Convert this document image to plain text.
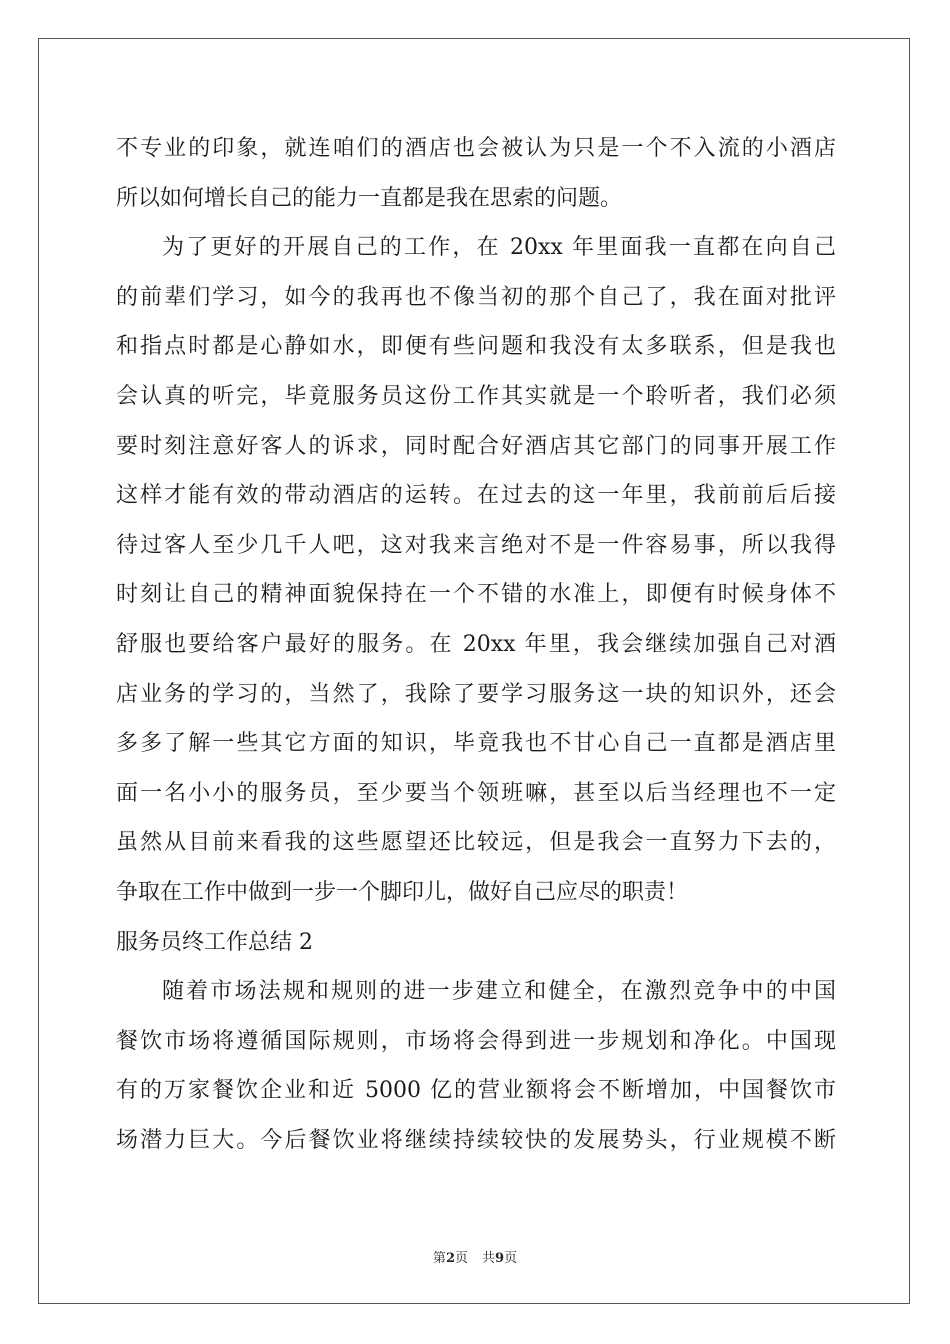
不专业的印象，就连咱们的酒店也会被认为只是一个不入流的小酒店
所以如何增长自己的能力一直都是我在思索的问题。
为了更好的开展自己的工作，在 20xx 年里面我一直都在向自己
的前辈们学习，如今的我再也不像当初的那个自己了，我在面对批评
和指点时都是心静如水，即便有些问题和我没有太多联系，但是我也
会认真的听完，毕竟服务员这份工作其实就是一个聆听者，我们必须
要时刻注意好客人的诉求，同时配合好酒店其它部门的同事开展工作
这样才能有效的带动酒店的运转。在过去的这一年里，我前前后后接
待过客人至少几千人吧，这对我来言绝对不是一件容易事，所以我得
时刻让自己的精神面貌保持在一个不错的水准上，即便有时候身体不
舒服也要给客户最好的服务。在 20xx 年里，我会继续加强自己对酒
店业务的学习的，当然了，我除了要学习服务这一块的知识外，还会
多多了解一些其它方面的知识，毕竟我也不甘心自己一直都是酒店里
面一名小小的服务员，至少要当个领班嘛，甚至以后当经理也不一定
虽然从目前来看我的这些愿望还比较远，但是我会一直努力下去的，
争取在工作中做到一步一个脚印儿，做好自己应尽的职责！
服务员终工作总结 2
随着市场法规和规则的进一步建立和健全，在激烈竞争中的中国
餐饮市场将遵循国际规则，市场将会得到进一步规划和净化。中国现
有的万家餐饮企业和近 5000 亿的营业额将会不断增加，中国餐饮市
场潜力巨大。今后餐饮业将继续持续较快的发展势头，行业规模不断
第2页 共9页
